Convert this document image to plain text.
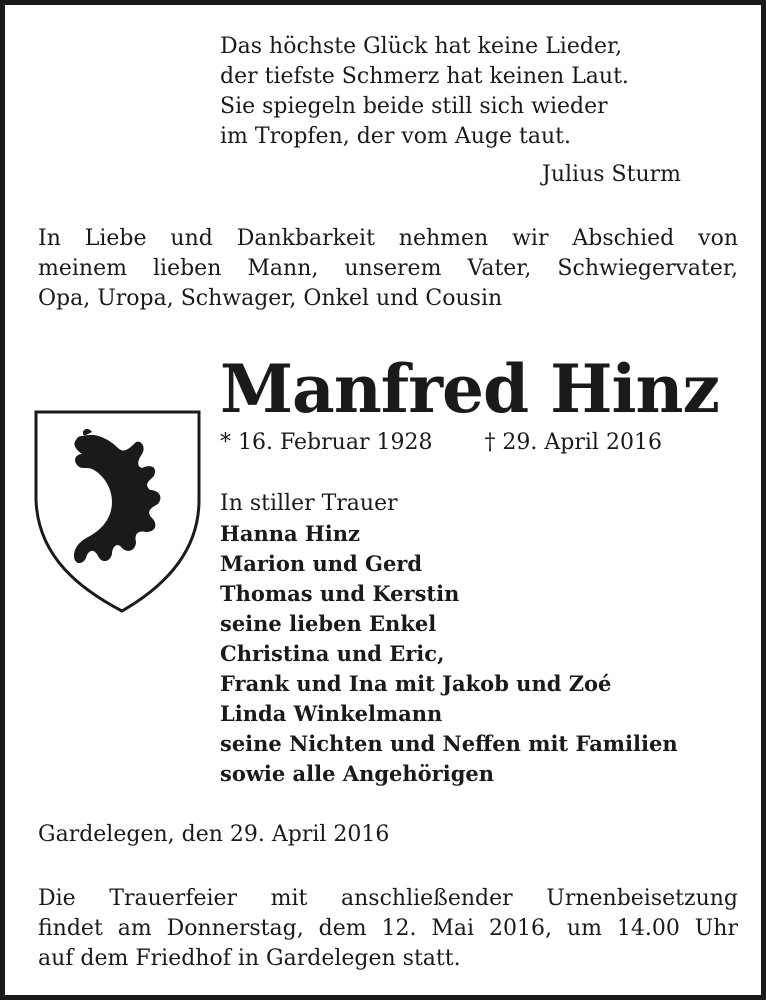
Das höchste Glück hat keine Lieder,
der tiefste Schmerz hat keinen Laut.
Sie spiegeln beide still sich wieder
im Tropfen, der vom Auge taut.
Julius Sturm
In Liebe und Dankbarkeit nehmen wir Abschied von
meinem lieben Mann, unserem Vater, Schwiegervater,
Opa, Uropa, Schwager, Onkel und Cousin
Manfred Hinz
* 16. Februar 1928 † 29. April 2016
In stiller Trauer
Hanna Hinz
Marion und Gerd
Thomas und Kerstin
seine lieben Enkel
Christina und Eric,
Frank und Ina mit Jakob und Zoé
Linda Winkelmann
seine Nichten und Neffen mit Familien
sowie alle Angehörigen
Gardelegen, den 29. April 2016
Die Trauerfeier mit anschließender Urnenbeisetzung
findet am Donnerstag, dem 12. Mai 2016, um 14.00 Uhr
auf dem Friedhof in Gardelegen statt.
